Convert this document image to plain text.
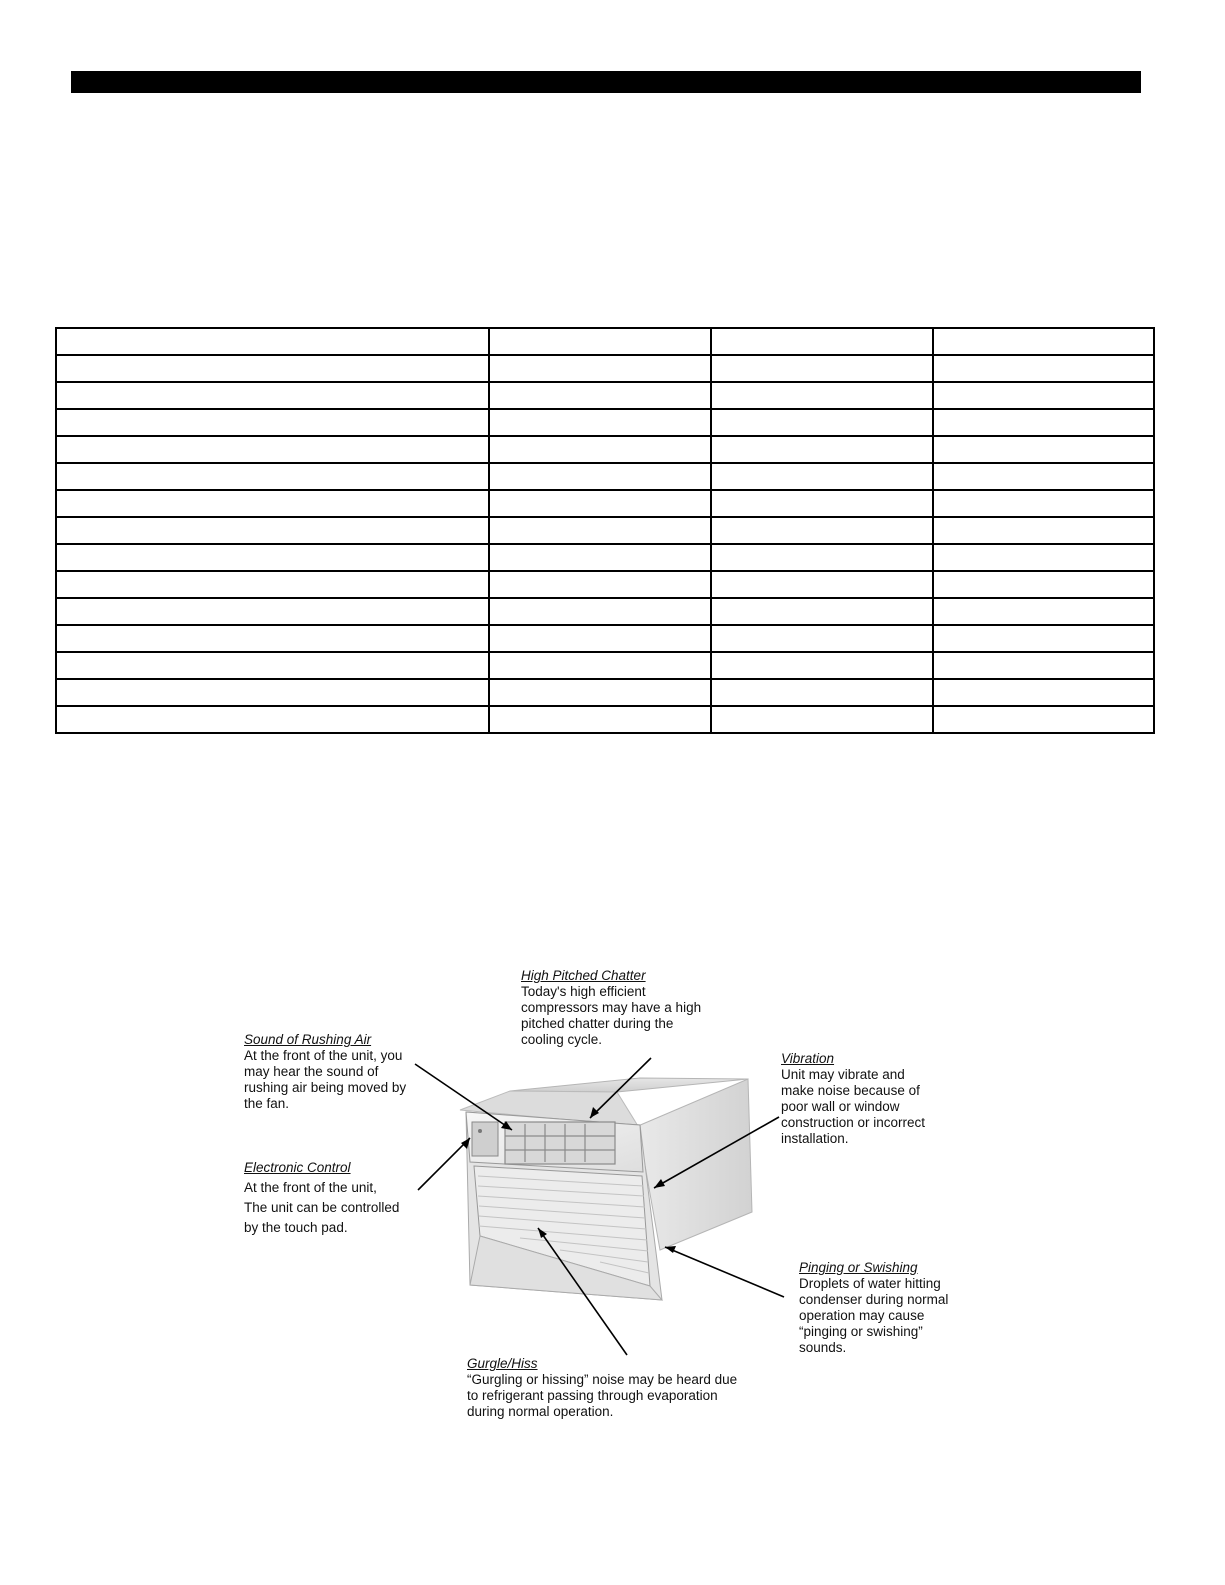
High Pitched Chatter
Today's high efficient
compressors may have a high
pitched chatter during the
cooling cycle.
Sound of Rushing Air
At the front of the unit, you
may hear the sound of
rushing air being moved by
the fan.
Vibration
Unit may vibrate and
make noise because of
poor wall or window
construction or incorrect
installation.
Electronic Control
At the front of the unit,
The unit can be controlled
by the touch pad.
Pinging or Swishing
Droplets of water hitting
condenser during normal
operation may cause
“pinging or swishing”
sounds.
Gurgle/Hiss
“Gurgling or hissing” noise may be heard due
to refrigerant passing through evaporation
during normal operation.
